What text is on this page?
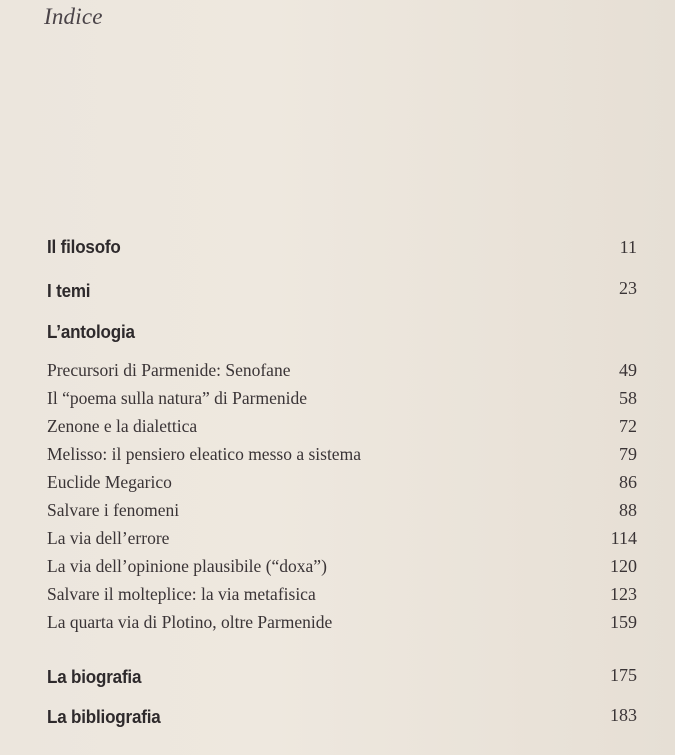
Indice
Il filosofo	11
I temi	23
L’antologia
Precursori di Parmenide: Senofane	49
Il “poema sulla natura” di Parmenide	58
Zenone e la dialettica	72
Melisso: il pensiero eleatico messo a sistema	79
Euclide Megarico	86
Salvare i fenomeni	88
La via dell’errore	114
La via dell’opinione plausibile (“doxa”)	120
Salvare il molteplice: la via metafisica	123
La quarta via di Plotino, oltre Parmenide	159
La biografia	175
La bibliografia	183
